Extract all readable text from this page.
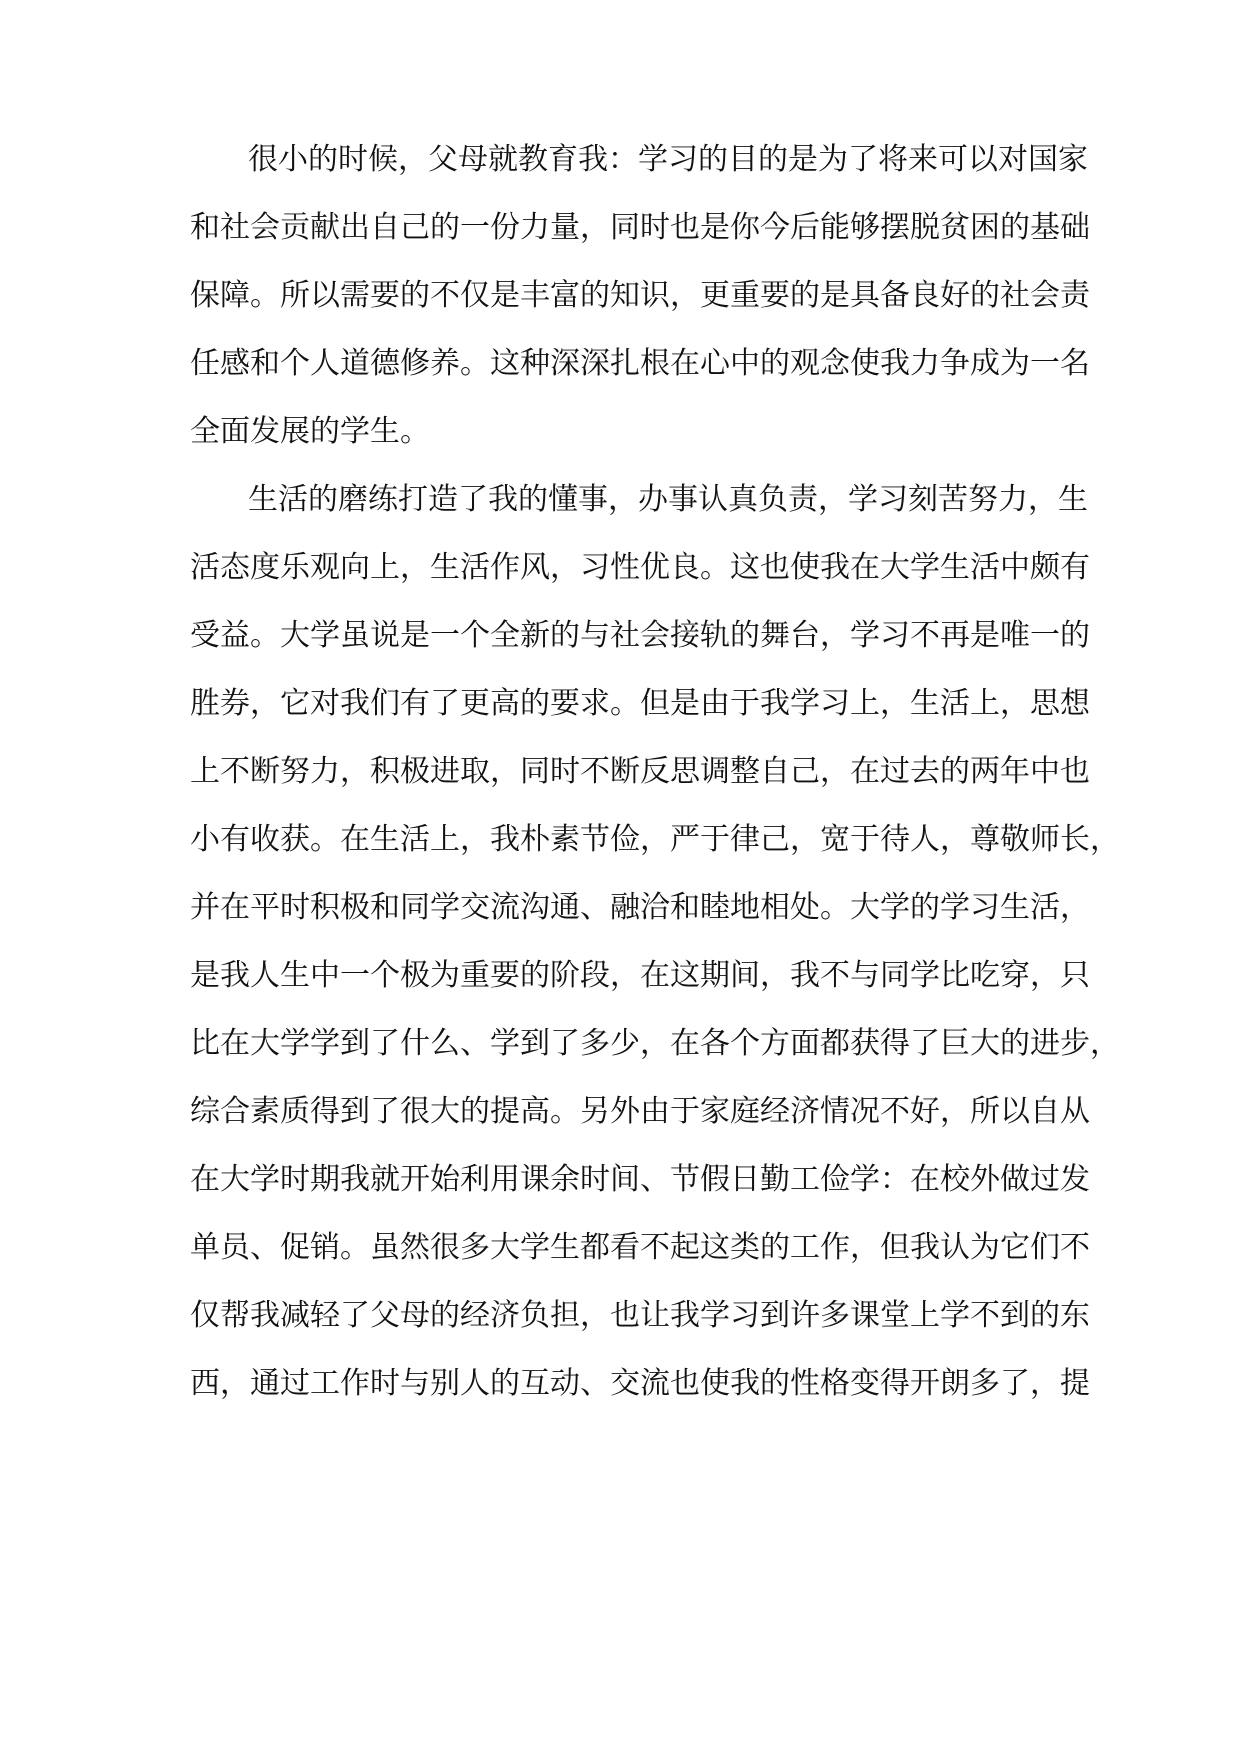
很小的时候，父母就教育我：学习的目的是为了将来可以对国家
和社会贡献出自己的一份力量，同时也是你今后能够摆脱贫困的基础
保障。所以需要的不仅是丰富的知识，更重要的是具备良好的社会责
任感和个人道德修养。这种深深扎根在心中的观念使我力争成为一名
全面发展的学生。
生活的磨练打造了我的懂事，办事认真负责，学习刻苦努力，生
活态度乐观向上，生活作风，习性优良。这也使我在大学生活中颇有
受益。大学虽说是一个全新的与社会接轨的舞台，学习不再是唯一的
胜券，它对我们有了更高的要求。但是由于我学习上，生活上，思想
上不断努力，积极进取，同时不断反思调整自己，在过去的两年中也
小有收获。在生活上，我朴素节俭，严于律己，宽于待人，尊敬师长，
并在平时积极和同学交流沟通、融洽和睦地相处。大学的学习生活，
是我人生中一个极为重要的阶段，在这期间，我不与同学比吃穿，只
比在大学学到了什么、学到了多少，在各个方面都获得了巨大的进步，
综合素质得到了很大的提高。另外由于家庭经济情况不好，所以自从
在大学时期我就开始利用课余时间、节假日勤工俭学：在校外做过发
单员、促销。虽然很多大学生都看不起这类的工作，但我认为它们不
仅帮我减轻了父母的经济负担，也让我学习到许多课堂上学不到的东
西，通过工作时与别人的互动、交流也使我的性格变得开朗多了，提
